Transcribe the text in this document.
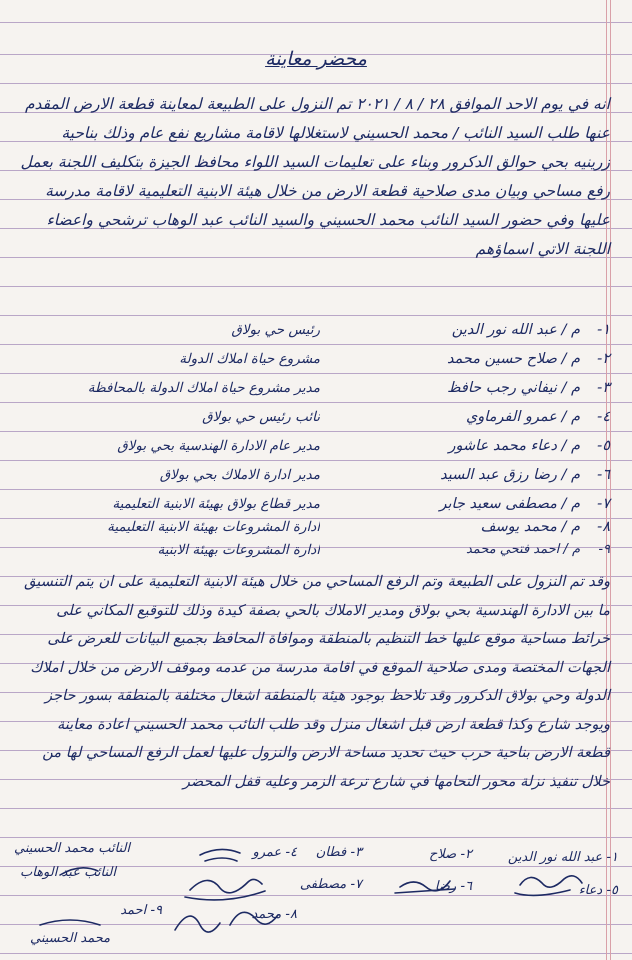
محضر معاينة
انه في يوم الاحد الموافق ٢٨ / ٨ / ٢٠٢١ تم النزول على الطبيعة لمعاينة قطعة الارض المقدم عنها طلب السيد النائب / محمد الحسيني لاستغلالها لاقامة مشاريع نفع عام وذلك بناحية زرينيه بحي حوالق الدكرور وبناء على تعليمات السيد اللواء محافظ الجيزة بتكليف اللجنة بعمل رفع مساحي وبيان مدى صلاحية قطعة الارض من خلال هيئة الابنية التعليمية لاقامة مدرسة عليها وفي حضور السيد النائب محمد الحسيني والسيد النائب عبد الوهاب ترشحي واعضاء اللجنة الاتي اسماؤهم
١-
م / عبد الله نور الدين
رئيس حي بولاق
٢-
م / صلاح حسين محمد
مشروع حياة املاك الدولة
٣-
م / نيفاني رجب حافظ
مدير مشروع حياة املاك الدولة بالمحافظة
٤-
م / عمرو الفرماوي
نائب رئيس حي بولاق
٥-
م / دعاء محمد عاشور
مدير عام الادارة الهندسية بحي بولاق
٦-
م / رضا رزق عبد السيد
مدير ادارة الاملاك بحي بولاق
٧-
م / مصطفى سعيد جابر
مدير قطاع بولاق بهيئة الابنية التعليمية
٨-
م / محمد يوسف
ادارة المشروعات بهيئة الابنية التعليمية
٩-
م / احمد فتحي محمد
ادارة المشروعات بهيئة الابنية
وقد تم النزول على الطبيعة وتم الرفع المساحي من خلال هيئة الابنية التعليمية على ان يتم التنسيق ما بين الادارة الهندسية بحي بولاق ومدير الاملاك بالحي بصفة كيدة وذلك للتوقيع المكاني على خرائط مساحية موقع عليها خط التنظيم بالمنطقة وموافاة المحافظ بجميع البيانات للعرض على الجهات المختصة ومدى صلاحية الموقع في اقامة مدرسة من عدمه وموقف الارض من خلال املاك الدولة وحي بولاق الدكرور وقد تلاحظ بوجود هيئة بالمنطقة اشغال مختلفة بالمنطقة بسور حاجز ويوجد شارع وكذا قطعة ارض قبل اشغال منزل وقد طلب النائب محمد الحسيني اعادة معاينة قطعة الارض بناحية حرب حيث تحديد مساحة الارض والنزول عليها لعمل الرفع المساحي لها من خلال تنفيذ نزلة محور التحامها في شارع ترعة الزمر وعليه قفل المحضر
١- عبد الله نور الدين
٢- صلاح
٣- فطان
٤- عمرو
٥- دعاء
٦- رضا
٧- مصطفى
٨- محمد
٩- احمد
النائب محمد الحسيني
النائب عبد الوهاب
محمد الحسيني
